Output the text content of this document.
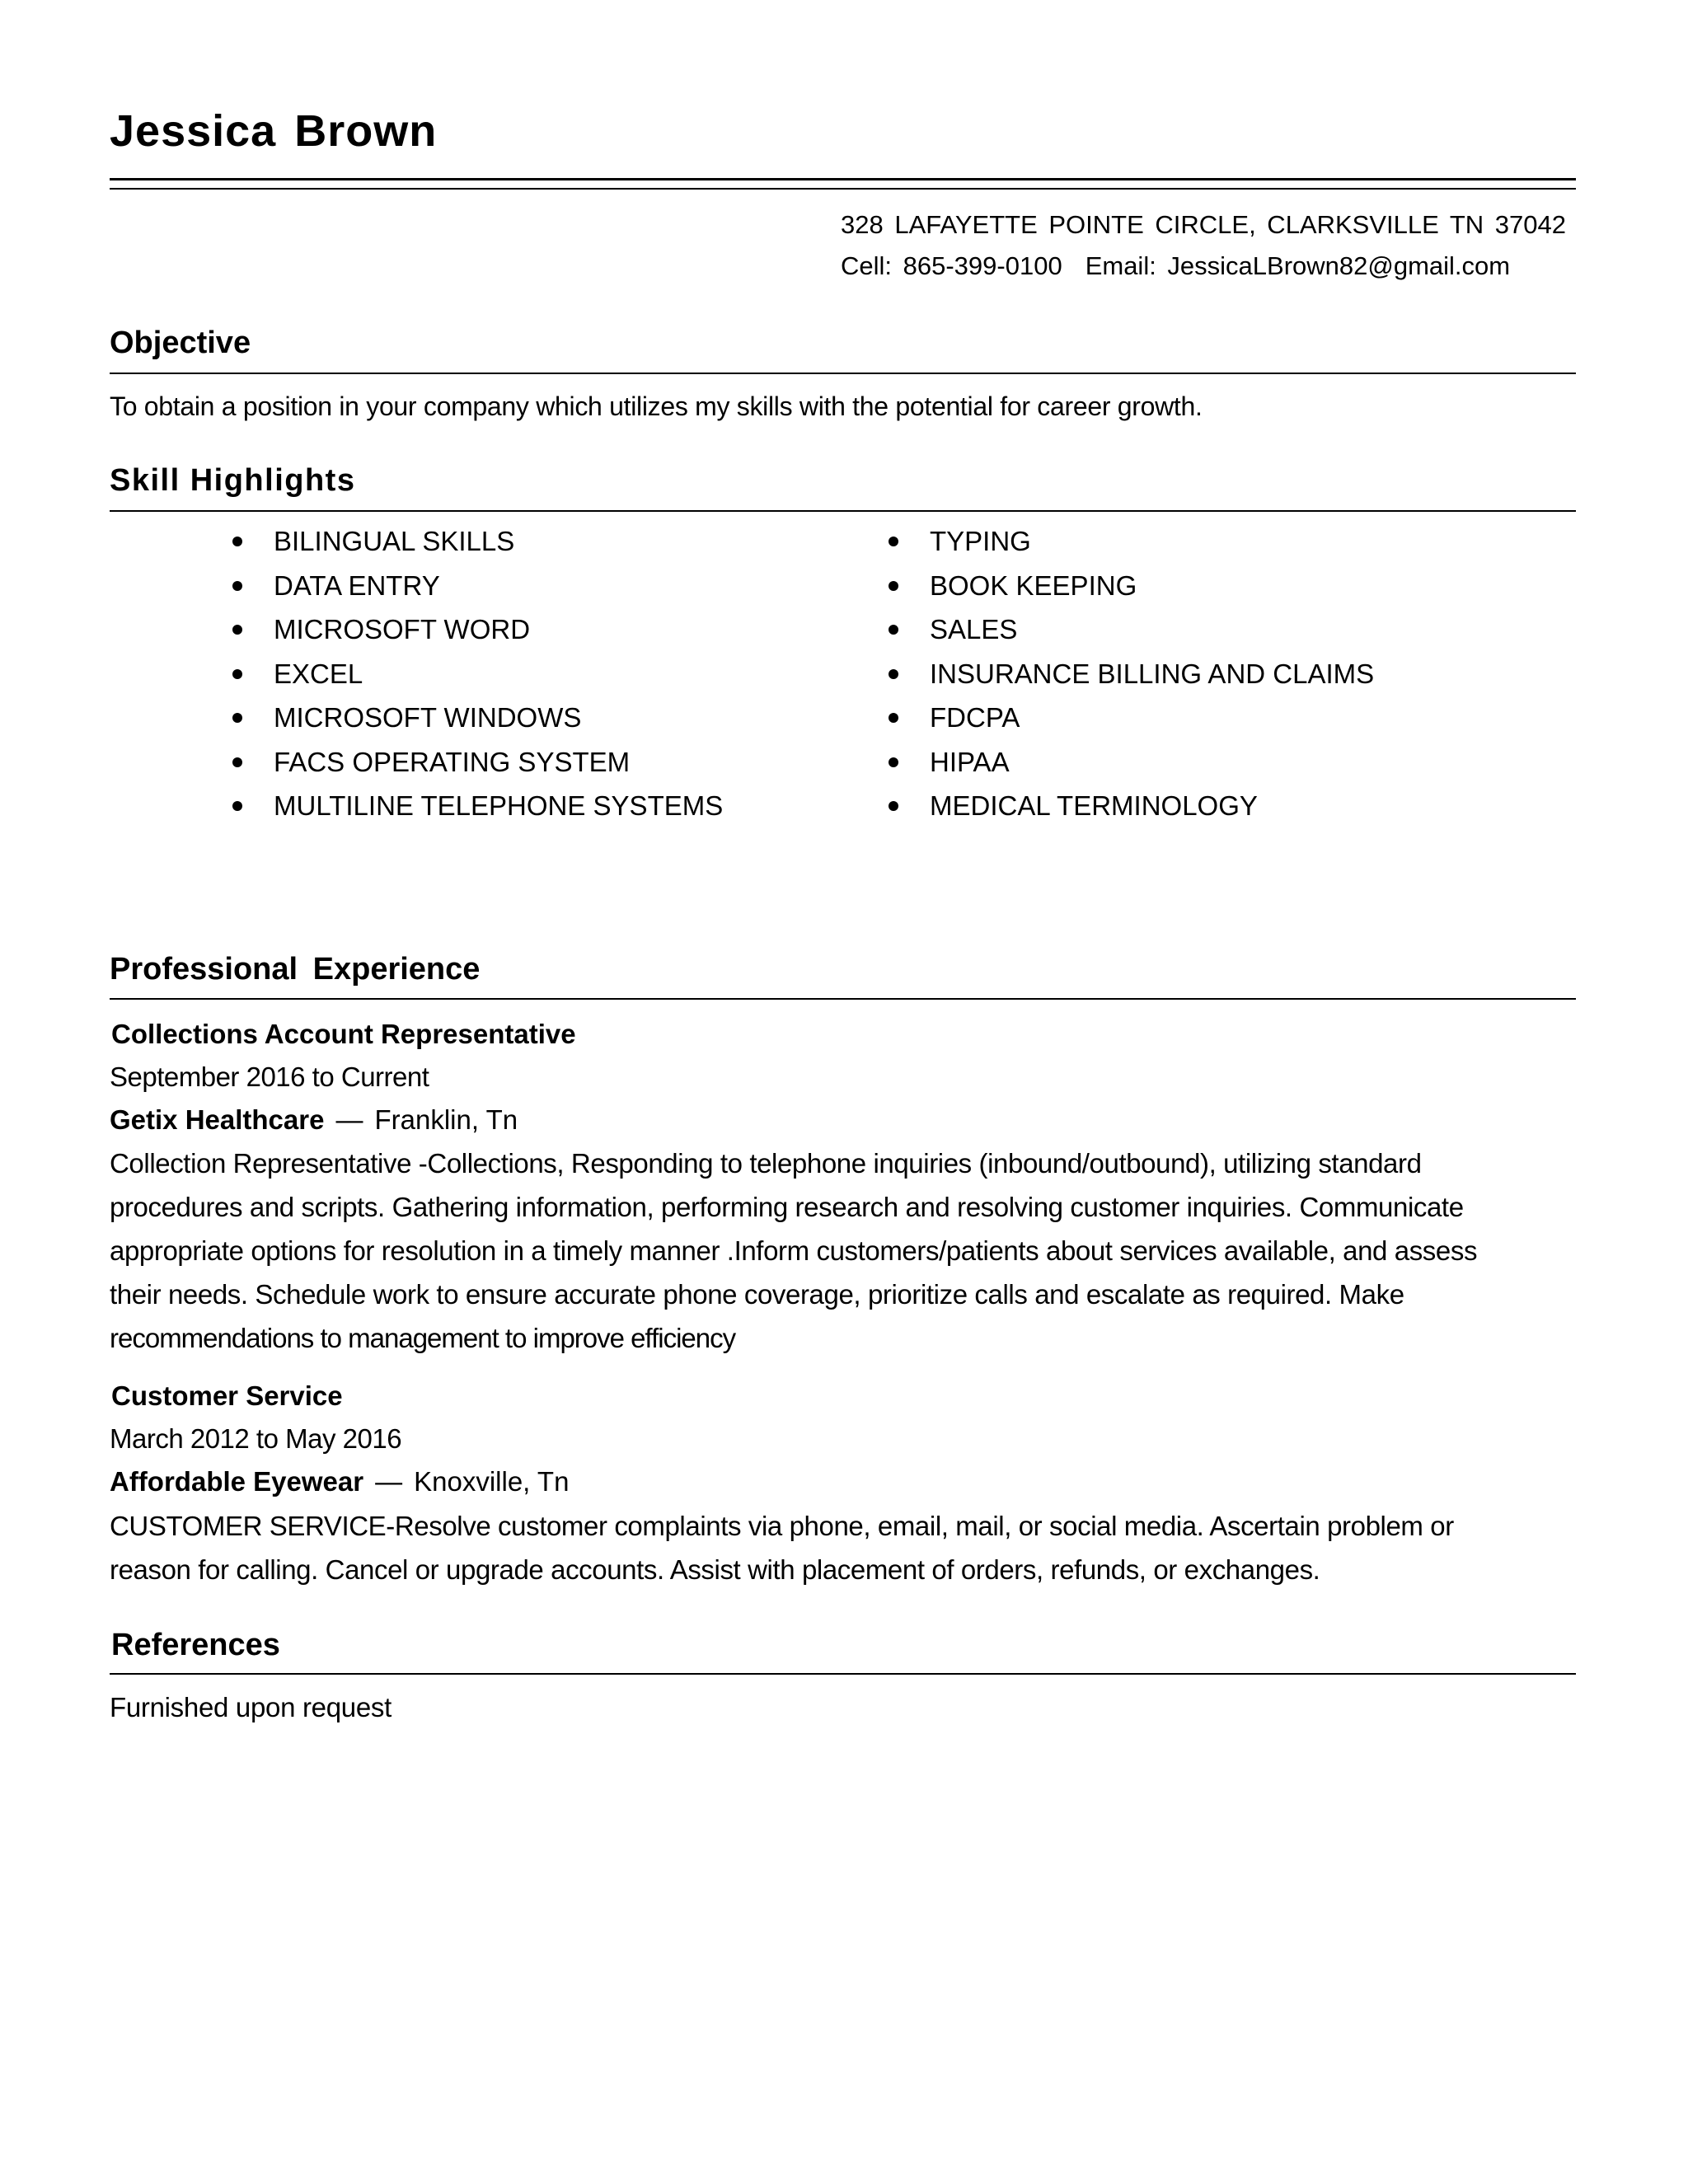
Jessica Brown
328 LAFAYETTE POINTE CIRCLE, CLARKSVILLE TN 37042
Cell: 865-399-0100 Email: JessicaLBrown82@gmail.com
Objective
To obtain a position in your company which utilizes my skills with the potential for career growth.
Skill Highlights
BILINGUAL SKILLS
DATA ENTRY
MICROSOFT WORD
EXCEL
MICROSOFT WINDOWS
FACS OPERATING SYSTEM
MULTILINE TELEPHONE SYSTEMS
TYPING
BOOK KEEPING
SALES
INSURANCE BILLING AND CLAIMS
FDCPA
HIPAA
MEDICAL TERMINOLOGY
Professional Experience
Collections Account Representative
September 2016 to Current
Getix Healthcare — Franklin, Tn
Collection Representative -Collections, Responding to telephone inquiries (inbound/outbound), utilizing standard
procedures and scripts. Gathering information, performing research and resolving customer inquiries. Communicate
appropriate options for resolution in a timely manner .Inform customers/patients about services available, and assess
their needs. Schedule work to ensure accurate phone coverage, prioritize calls and escalate as required. Make
recommendations to management to improve efficiency
Customer Service
March 2012 to May 2016
Affordable Eyewear — Knoxville, Tn
CUSTOMER SERVICE-Resolve customer complaints via phone, email, mail, or social media. Ascertain problem or
reason for calling. Cancel or upgrade accounts. Assist with placement of orders, refunds, or exchanges.
References
Furnished upon request
